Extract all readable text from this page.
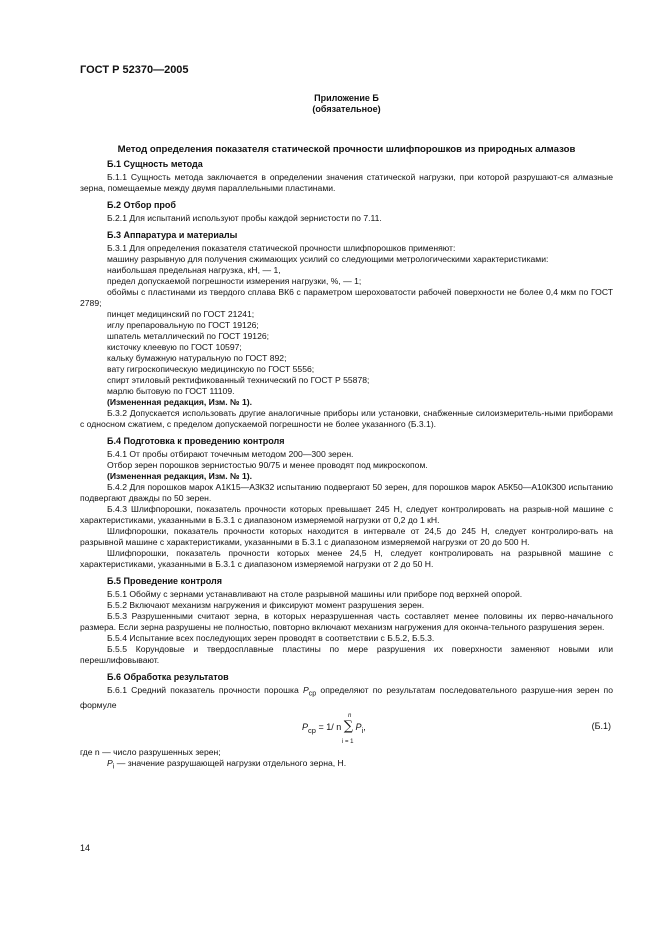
ГОСТ Р 52370—2005
Приложение Б
(обязательное)
Метод определения показателя статической прочности шлифпорошков из природных алмазов

Б.1 Сущность метода

Б.1.1 Сущность метода заключается в определении значения статической нагрузки, при которой разрушают-ся алмазные зерна, помещаемые между двумя параллельными пластинами.

Б.2 Отбор проб

Б.2.1 Для испытаний используют пробы каждой зернистости по 7.11.

Б.3 Аппаратура и материалы

Б.3.1 Для определения показателя статической прочности шлифпорошков применяют:

машину разрывную для получения сжимающих усилий со следующими метрологическими характеристиками:

наибольшая предельная нагрузка, кН, — 1,

предел допускаемой погрешности измерения нагрузки, %, — 1;

обоймы с пластинами из твердого сплава ВК6 с параметром шероховатости рабочей поверхности не более 0,4 мкм по ГОСТ 2789;

пинцет медицинский по ГОСТ 21241;

иглу препаровальную по ГОСТ 19126;

шпатель металлический по ГОСТ 19126;

кисточку клеевую по ГОСТ 10597;

кальку бумажную натуральную по ГОСТ 892;

вату гигроскопическую медицинскую по ГОСТ 5556;

спирт этиловый ректификованный технический по ГОСТ Р 55878;

марлю бытовую по ГОСТ 11109.

(Измененная редакция, Изм. № 1).

Б.3.2 Допускается использовать другие аналогичные приборы или установки, снабженные силоизмеритель-ными приборами с односном сжатием, с пределом допускаемой погрешности не более указанного (Б.3.1).

Б.4 Подготовка к проведению контроля

Б.4.1 От пробы отбирают точечным методом 200—300 зерен.

Отбор зерен порошков зернистостью 90/75 и менее проводят под микроскопом.

(Измененная редакция, Изм. № 1).

Б.4.2 Для порошков марок А1К15—А3К32 испытанию подвергают 50 зерен, для порошков марок А5К50—А10К300 испытанию подвергают дважды по 50 зерен.

Б.4.3 Шлифпорошки, показатель прочности которых превышает 245 Н, следует контролировать на разрыв-ной машине с характеристиками, указанными в Б.3.1 с диапазоном измеряемой нагрузки от 0,2 до 1 кН.

Шлифпорошки, показатель прочности которых находится в интервале от 24,5 до 245 Н, следует контролиро-вать на разрывной машине с характеристиками, указанными в Б.3.1 с диапазоном измеряемой нагрузки от 20 до 500 Н.

Шлифпорошки, показатель прочности которых менее 24,5 Н, следует контролировать на разрывной машине с характеристиками, указанными в Б.3.1 с диапазоном измеряемой нагрузки от 2 до 50 Н.

Б.5 Проведение контроля

Б.5.1 Обойму с зернами устанавливают на столе разрывной машины или приборе под верхней опорой.

Б.5.2 Включают механизм нагружения и фиксируют момент разрушения зерен.

Б.5.3 Разрушенными считают зерна, в которых неразрушенная часть составляет менее половины их перво-начального размера. Если зерна разрушены не полностью, повторно включают механизм нагружения для оконча-тельного разрушения зерен.

Б.5.4 Испытание всех последующих зерен проводят в соответствии с Б.5.2, Б.5.3.

Б.5.5 Корундовые и твердосплавные пластины по мере разрушения их поверхности заменяют новыми или перешлифовывают.

Б.6 Обработка результатов

Б.6.1 Средний показатель прочности порошка $P_{ср}$ определяют по результатам последовательного разруше-ния зерен по формуле

$P_{ср} = 1/$ n ∑ $P_i$,
n
i = 1
(Б.1)

где n — число разрушенных зерен;

$P_i$ — значение разрушающей нагрузки отдельного зерна, Н.

14
